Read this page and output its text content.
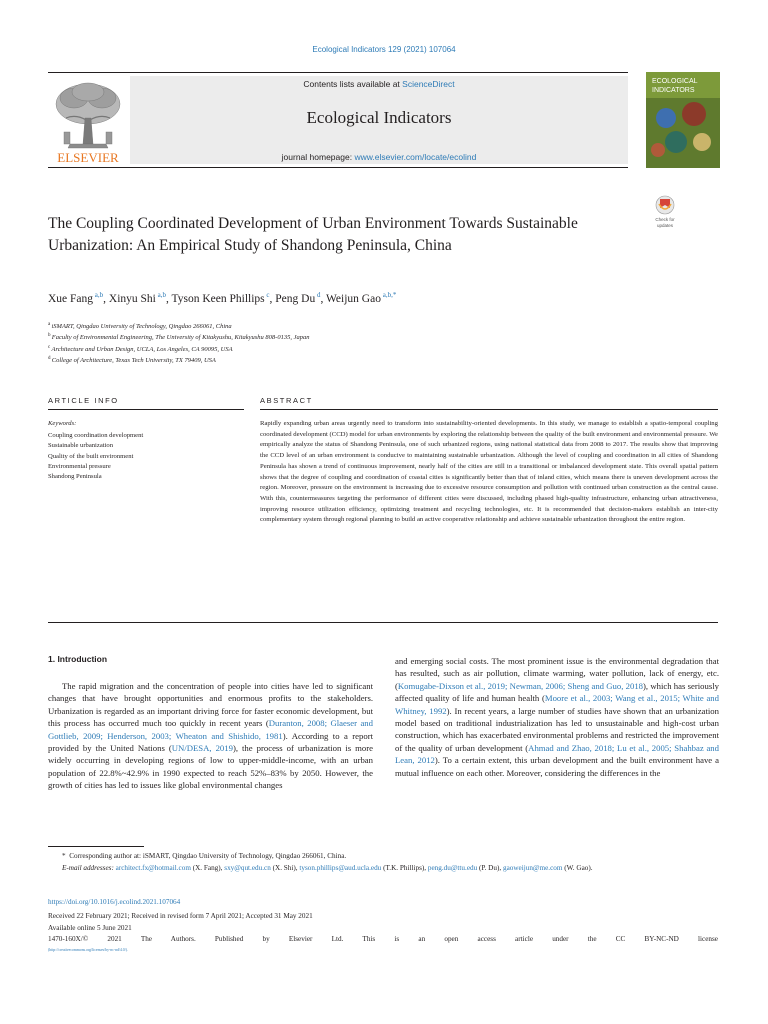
Ecological Indicators 129 (2021) 107064
ELSEVIER
Contents lists available at ScienceDirect
Ecological Indicators
journal homepage: www.elsevier.com/locate/ecolind
ECOLOGICAL
INDICATORS
Check for
updates
The Coupling Coordinated Development of Urban Environment Towards Sustainable Urbanization: An Empirical Study of Shandong Peninsula, China
Xue Fang $^{a,b}$, Xinyu Shi $^{a,b}$, Tyson Keen Phillips $^c$, Peng Du $^d$, Weijun Gao $^{a,b,*}$
$^a$ iSMART, Qingdao University of Technology, Qingdao 266061, China
$^b$ Faculty of Environmental Engineering, The University of Kitakyushu, Kitakyushu 808-0135, Japan
$^c$ Architecture and Urban Design, UCLA, Los Angeles, CA 90095, USA
$^d$ College of Architecture, Texas Tech University, TX 79409, USA
ARTICLE INFO	ABSTRACT
Keywords:
Coupling coordination development
Sustainable urbanization
Quality of the built environment
Environmental pressure
Shandong Peninsula
Rapidly expanding urban areas urgently need to transform into sustainability-oriented developments. In this study, we manage to establish a spatio-temporal coupling coordinated development (CCD) model for urban environments by exploring the relationship between the quality of the built environment and environmental pressure. We empirically analyze the status of Shandong Peninsula, one of such urbanized regions, using national statistical data from 2008 to 2017. The results show that improving the CCD level of an urban environment is conducive to maintaining sustainable urbanization. Although the level of coupling and coordination in all cities of Shandong Peninsula has shown a trend of continuous improvement, nearly half of the cities are still in a transitional or imbalanced development state. This overall spatial pattern shows that the degree of coupling and coordination of coastal cities is significantly better than that of inland cities, which means there is uneven development across the region. Moreover, pressure on the environment is increasing due to excessive resource consumption and pollution with continued urban construction as the central cause. With this, countermeasures targeting the performance of different cities were discussed, including phased high-quality infrastructure, enhancing urban attractiveness, improving resource utilization efficiency, optimizing treatment and recycling technologies, etc. It is recommended that decision-makers establish an inter-city complementary system through regional planning to build an active cooperative relationship and achieve sustainable urbanization throughout the entire region.
1. Introduction
The rapid migration and the concentration of people into cities have led to significant changes that have brought opportunities and enormous profits to the stakeholders. Urbanization is regarded as an important driving force for faster economic development, but this process has occurred much too quickly in recent years (Duranton, 2008; Glaeser and Gottlieb, 2009; Henderson, 2003; Wheaton and Shishido, 1981). According to a report provided by the United Nations (UN/DESA, 2019), the process of urbanization is more widely occurring in developing regions of low to upper-middle-income, with an urban population of 22.8%~42.9% in 1990 expected to reach 52%–83% by 2050. However, the growth of cities has led to issues like global environmental changes
and emerging social costs. The most prominent issue is the environmental degradation that has resulted, such as air pollution, climate warming, water pollution, lack of energy, etc. (Komugabe-Dixson et al., 2019; Newman, 2006; Sheng and Guo, 2018), which has seriously affected quality of life and human health (Moore et al., 2003; Wang et al., 2015; White and Whitney, 1992). In recent years, a large number of studies have shown that an urbanization model based on traditional industrialization has led to unsustainable and high-cost urban construction, which has exacerbated environmental problems and restricted the improvement of the quality of urban development (Ahmad and Zhao, 2018; Lu et al., 2005; Shahbaz and Lean, 2012). To a certain extent, this urban development and the built environment have a mutual influence on each other. Moreover, considering the differences in the
*  Corresponding author at: iSMART, Qingdao University of Technology, Qingdao 266061, China.
E-mail addresses: architect.fx@hotmail.com (X. Fang), sxy@qut.edu.cn (X. Shi), tyson.phillips@aud.ucla.edu (T.K. Phillips), peng.du@ttu.edu (P. Du), gaoweijun@me.com (W. Gao).
https://doi.org/10.1016/j.ecolind.2021.107064
Received 22 February 2021; Received in revised form 7 April 2021; Accepted 31 May 2021
Available online 5 June 2021
1470-160X/© 2021 The Authors. Published by Elsevier Ltd. This is an open access article under the CC BY-NC-ND license
(http://creativecommons.org/licenses/by-nc-nd/4.0/).
